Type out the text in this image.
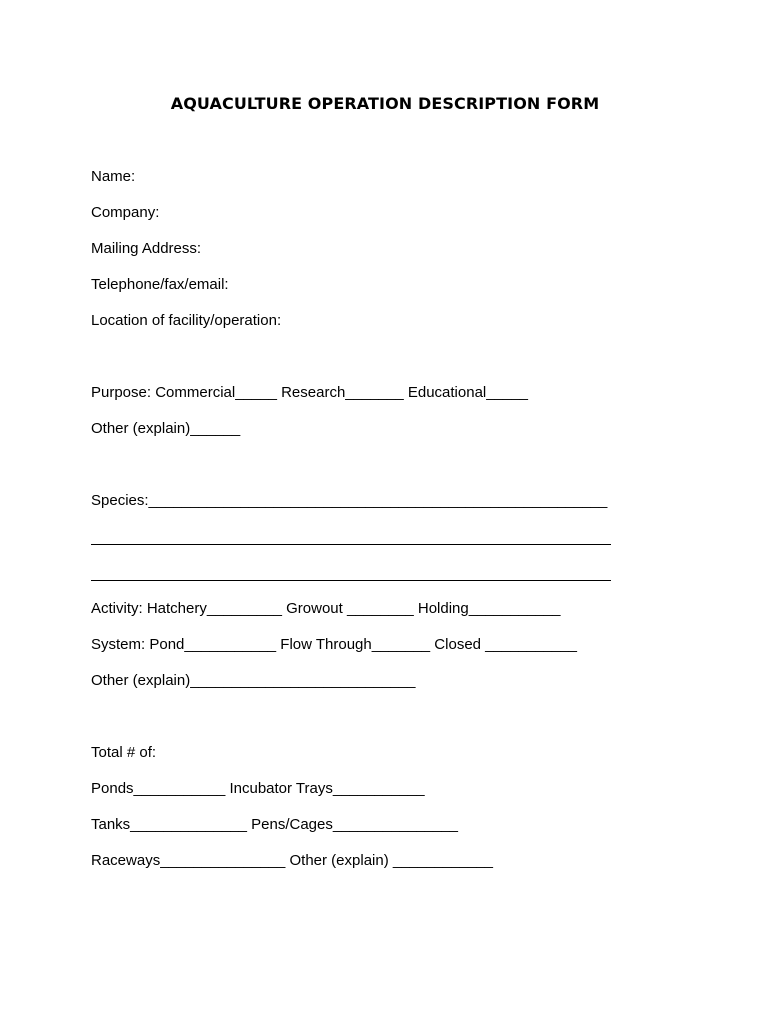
AQUACULTURE OPERATION DESCRIPTION FORM
Name:
Company:
Mailing Address:
Telephone/fax/email:
Location of facility/operation:
Purpose: Commercial_____ Research_______ Educational_____
Other (explain)______
Species:_______________________________________________________
Activity: Hatchery_________ Growout ________ Holding___________
System: Pond___________ Flow Through_______ Closed ___________
Other (explain)___________________________
Total # of:
Ponds___________ Incubator Trays___________
Tanks______________ Pens/Cages_______________
Raceways_______________ Other (explain) ____________
